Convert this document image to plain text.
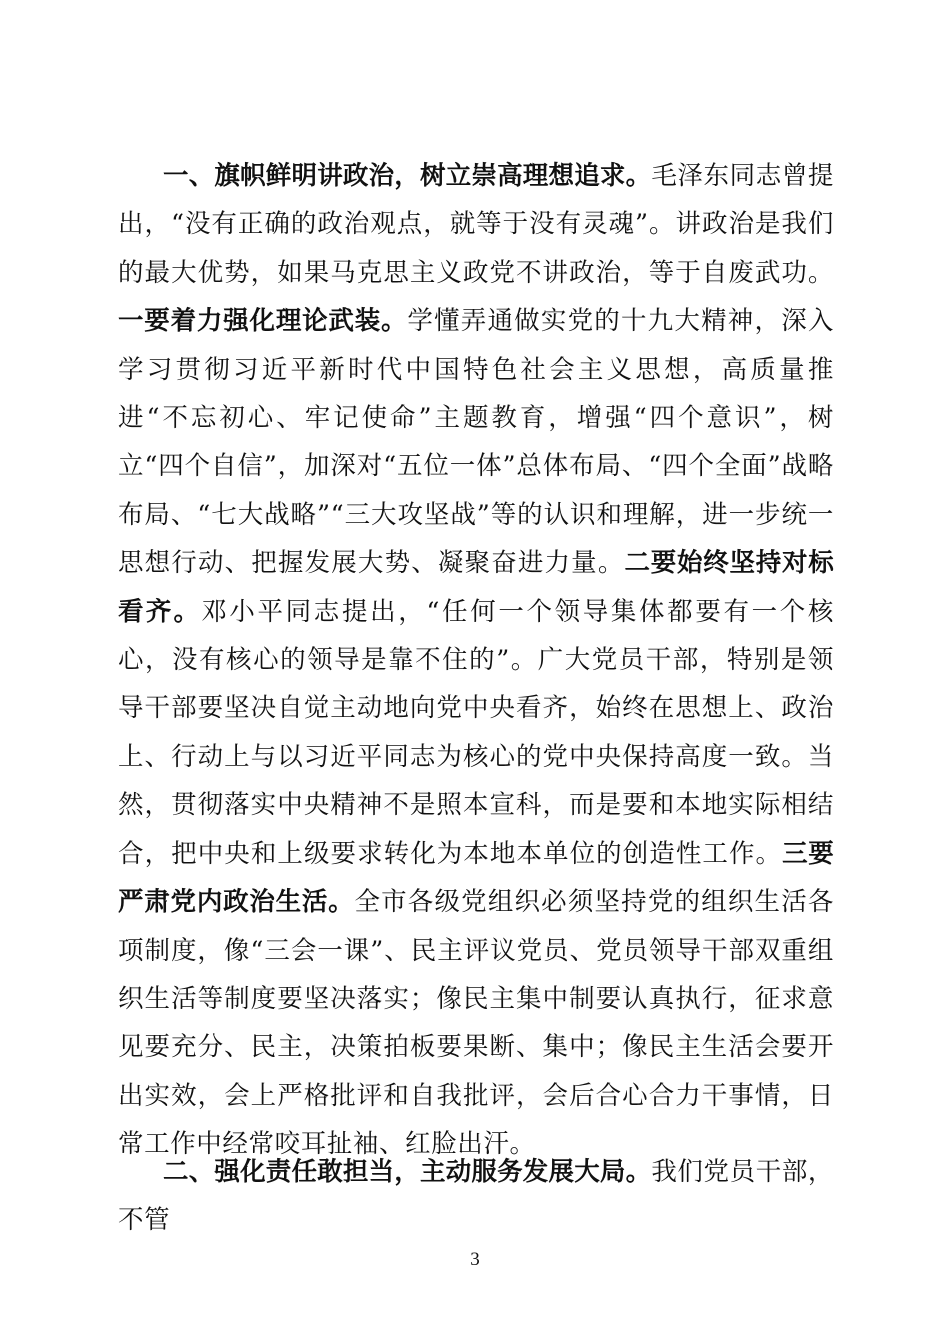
一、旗帜鲜明讲政治，树立崇高理想追求。毛泽东同志曾提出，“没有正确的政治观点，就等于没有灵魂”。讲政治是我们的最大优势，如果马克思主义政党不讲政治，等于自废武功。一要着力强化理论武装。学懂弄通做实党的十九大精神，深入学习贯彻习近平新时代中国特色社会主义思想，高质量推进“不忘初心、牢记使命”主题教育，增强“四个意识”，树立“四个自信”，加深对“五位一体”总体布局、“四个全面”战略布局、“七大战略”“三大攻坚战”等的认识和理解，进一步统一思想行动、把握发展大势、凝聚奋进力量。二要始终坚持对标看齐。邓小平同志提出，“任何一个领导集体都要有一个核心，没有核心的领导是靠不住的”。广大党员干部，特别是领导干部要坚决自觉主动地向党中央看齐，始终在思想上、政治上、行动上与以习近平同志为核心的党中央保持高度一致。当然，贯彻落实中央精神不是照本宣科，而是要和本地实际相结合，把中央和上级要求转化为本地本单位的创造性工作。三要严肃党内政治生活。全市各级党组织必须坚持党的组织生活各项制度，像“三会一课”、民主评议党员、党员领导干部双重组织生活等制度要坚决落实；像民主集中制要认真执行，征求意见要充分、民主，决策拍板要果断、集中；像民主生活会要开出实效，会上严格批评和自我批评，会后合心合力干事情，日常工作中经常咬耳扯袖、红脸出汗。

二、强化责任敢担当，主动服务发展大局。我们党员干部，不管

3
